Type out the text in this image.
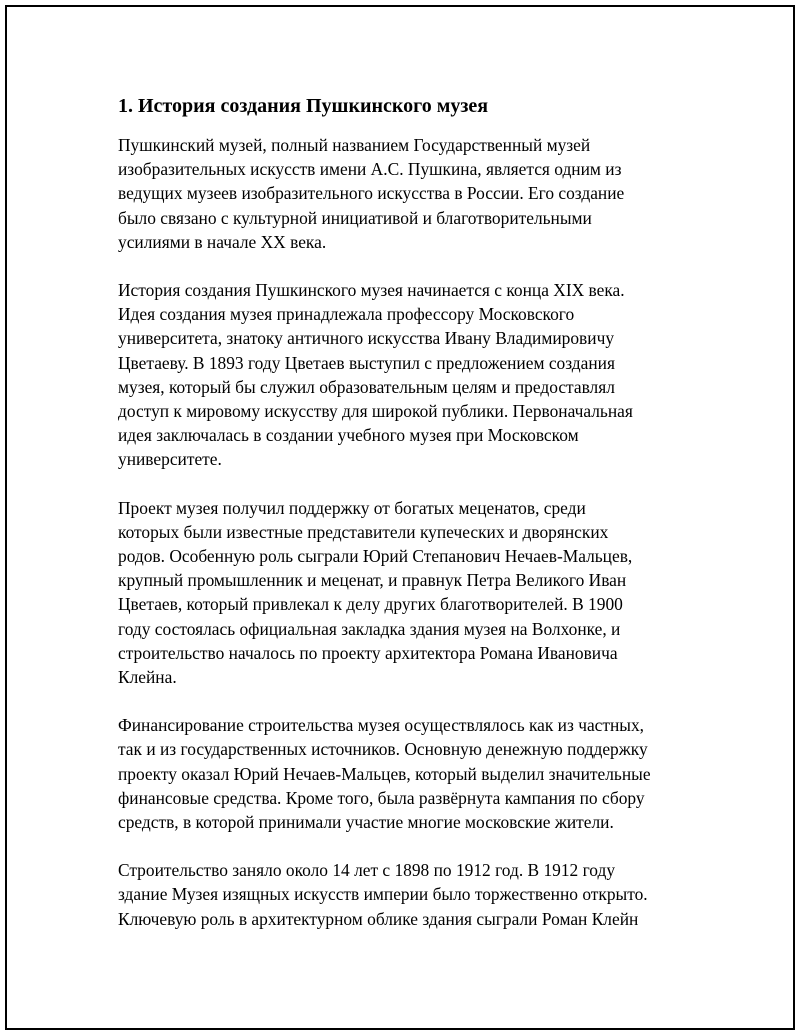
1. История создания Пушкинского музея
Пушкинский музей, полный названием Государственный музей
изобразительных искусств имени А.С. Пушкина, является одним из
ведущих музеев изобразительного искусства в России. Его создание
было связано с культурной инициативой и благотворительными
усилиями в начале XX века.
История создания Пушкинского музея начинается с конца XIX века.
Идея создания музея принадлежала профессору Московского
университета, знатоку античного искусства Ивану Владимировичу
Цветаеву. В 1893 году Цветаев выступил с предложением создания
музея, который бы служил образовательным целям и предоставлял
доступ к мировому искусству для широкой публики. Первоначальная
идея заключалась в создании учебного музея при Московском
университете.
Проект музея получил поддержку от богатых меценатов, среди
которых были известные представители купеческих и дворянских
родов. Особенную роль сыграли Юрий Степанович Нечаев-Мальцев,
крупный промышленник и меценат, и правнук Петра Великого Иван
Цветаев, который привлекал к делу других благотворителей. В 1900
году состоялась официальная закладка здания музея на Волхонке, и
строительство началось по проекту архитектора Романа Ивановича
Клейна.
Финансирование строительства музея осуществлялось как из частных,
так и из государственных источников. Основную денежную поддержку
проекту оказал Юрий Нечаев-Мальцев, который выделил значительные
финансовые средства. Кроме того, была развёрнута кампания по сбору
средств, в которой принимали участие многие московские жители.
Строительство заняло около 14 лет с 1898 по 1912 год. В 1912 году
здание Музея изящных искусств империи было торжественно открыто.
Ключевую роль в архитектурном облике здания сыграли Роман Клейн
